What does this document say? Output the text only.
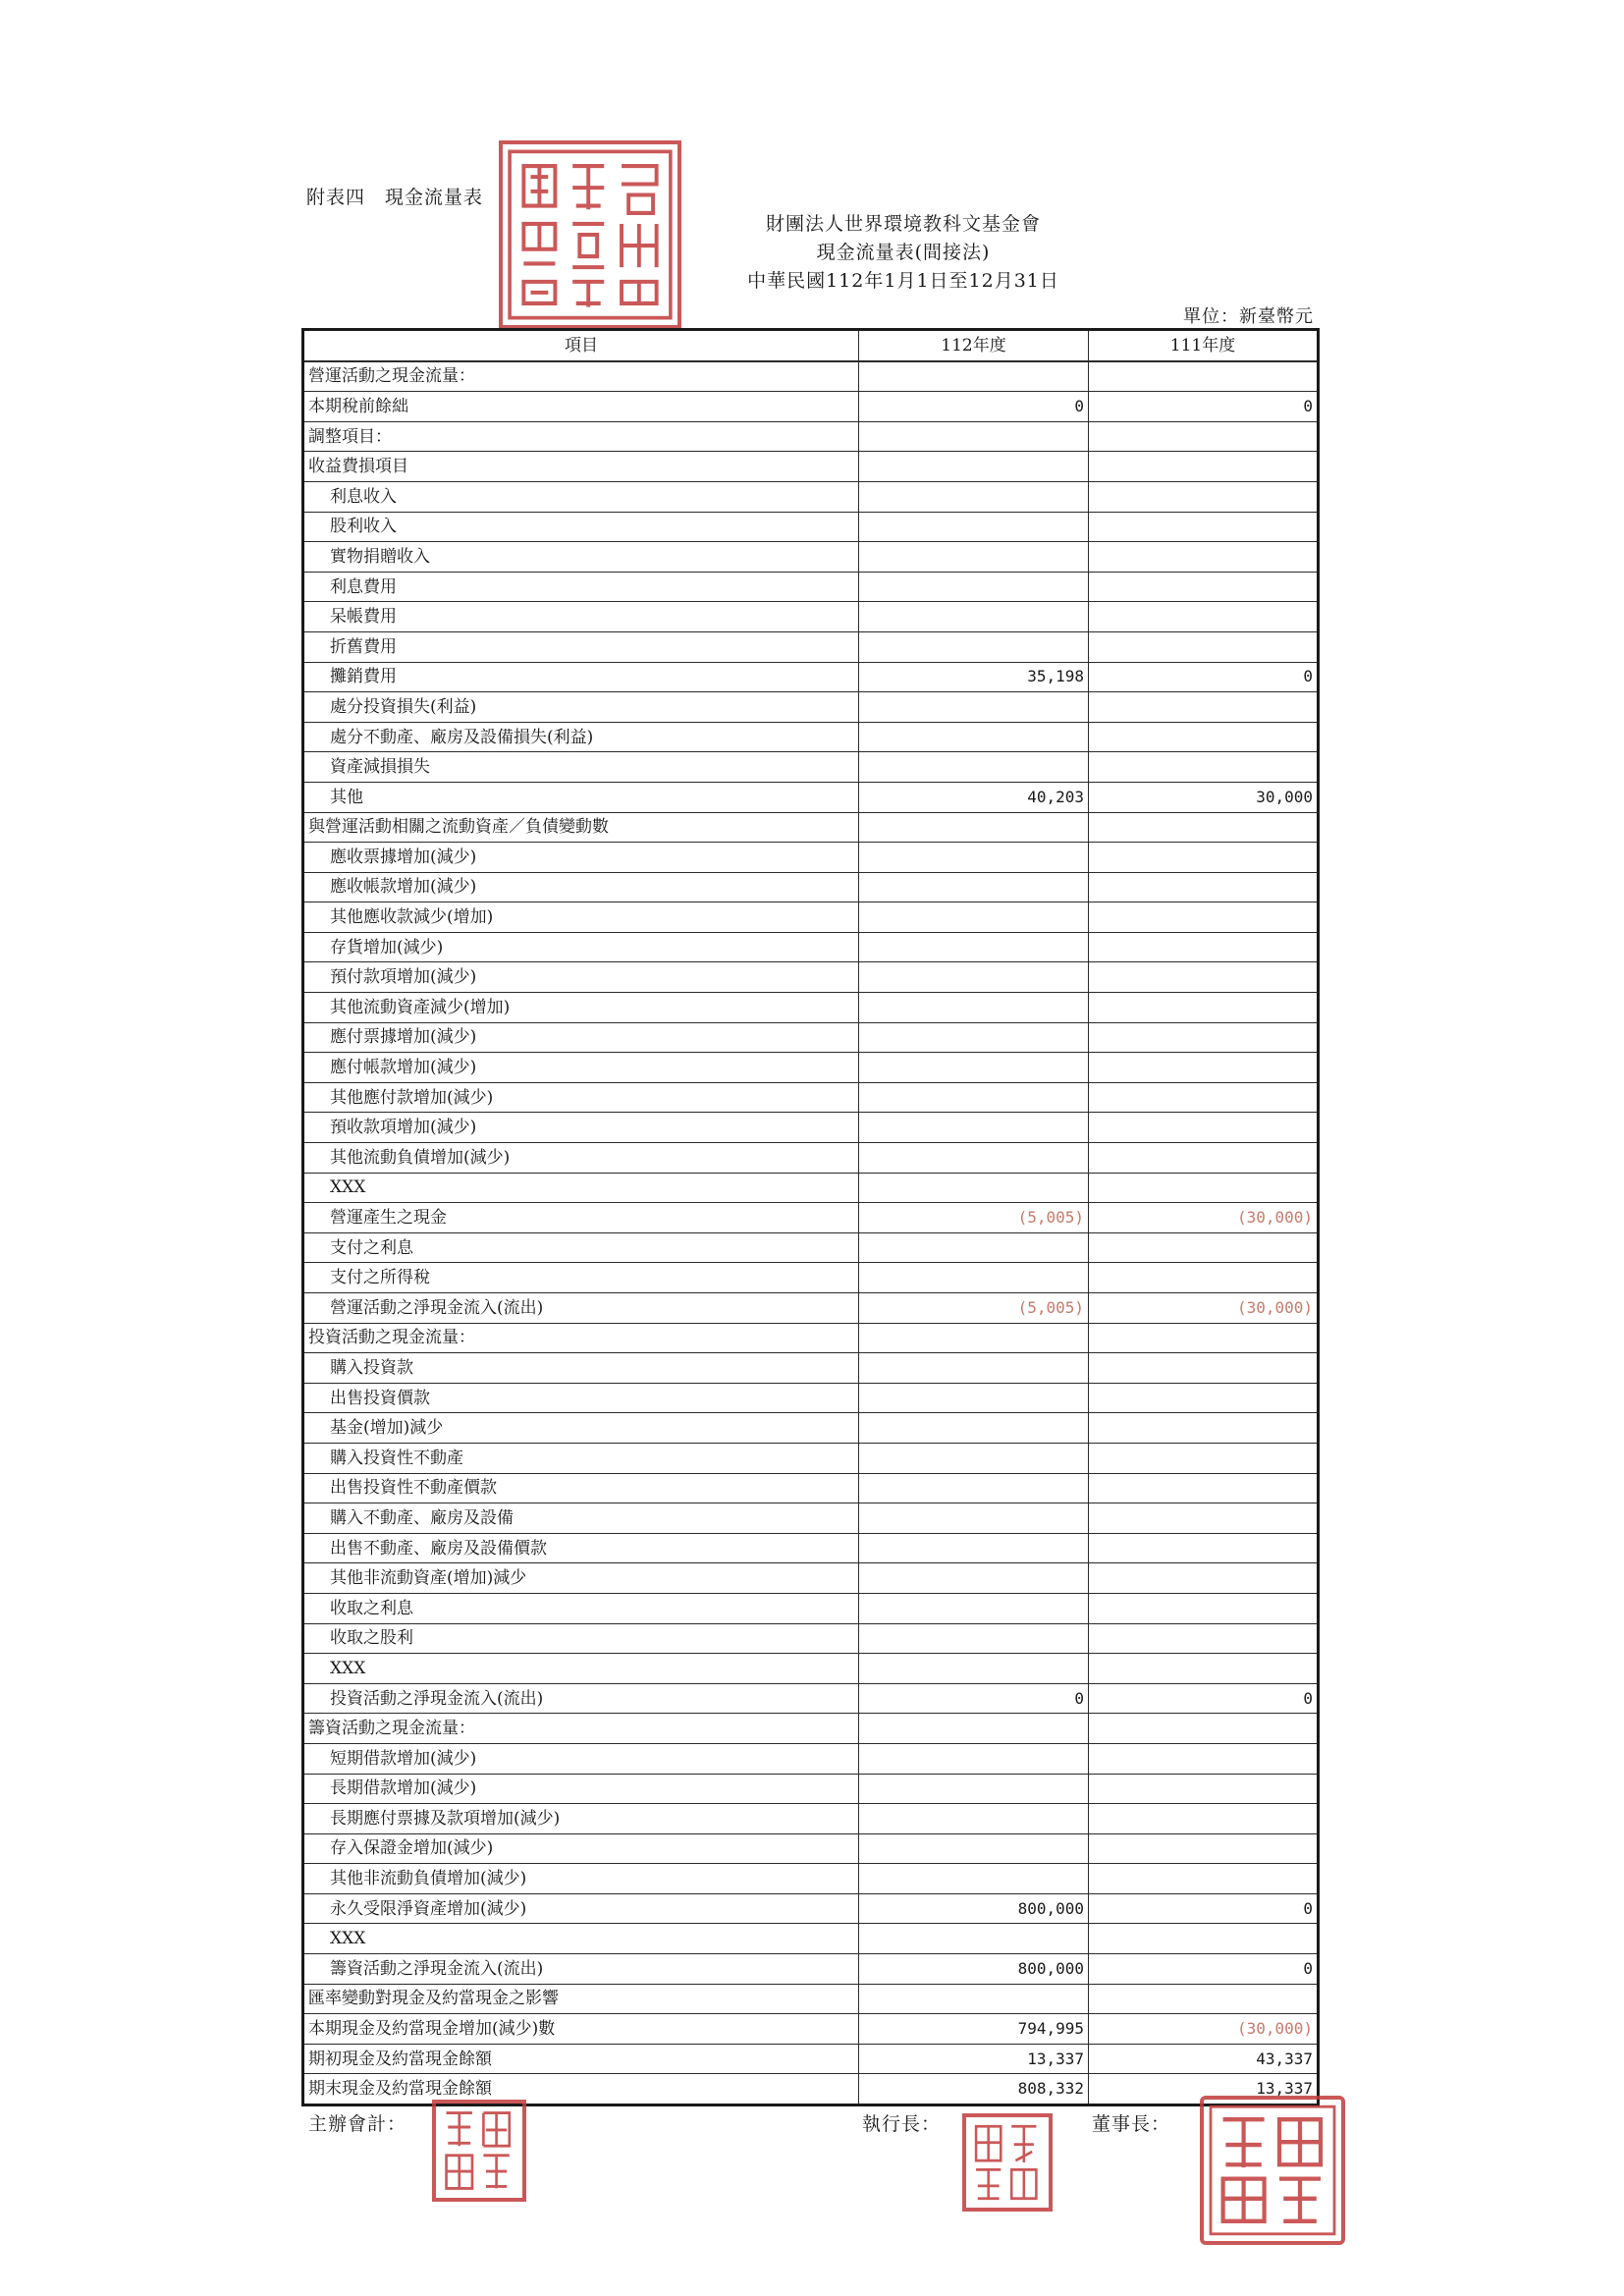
附表四　現金流量表
財團法人世界環境教科文基金會
現金流量表(間接法)
中華民國112年1月1日至12月31日
單位：新臺幣元
項目	112年度	111年度
營運活動之現金流量：		
本期稅前餘絀	0	0
調整項目：		
收益費損項目		
利息收入		
股利收入		
實物捐贈收入		
利息費用		
呆帳費用		
折舊費用		
攤銷費用	35,198	0
處分投資損失(利益)		
處分不動產、廠房及設備損失(利益)		
資產減損損失		
其他	40,203	30,000
與營運活動相關之流動資產／負債變動數		
應收票據增加(減少)		
應收帳款增加(減少)		
其他應收款減少(增加)		
存貨增加(減少)		
預付款項增加(減少)		
其他流動資產減少(增加)		
應付票據增加(減少)		
應付帳款增加(減少)		
其他應付款增加(減少)		
預收款項增加(減少)		
其他流動負債增加(減少)		
XXX		
營運產生之現金	(5,005)	(30,000)
支付之利息		
支付之所得稅		
營運活動之淨現金流入(流出)	(5,005)	(30,000)
投資活動之現金流量：		
購入投資款		
出售投資價款		
基金(增加)減少		
購入投資性不動產		
出售投資性不動產價款		
購入不動產、廠房及設備		
出售不動產、廠房及設備價款		
其他非流動資產(增加)減少		
收取之利息		
收取之股利		
XXX		
投資活動之淨現金流入(流出)	0	0
籌資活動之現金流量：		
短期借款增加(減少)		
長期借款增加(減少)		
長期應付票據及款項增加(減少)		
存入保證金增加(減少)		
其他非流動負債增加(減少)		
永久受限淨資產增加(減少)	800,000	0
XXX		
籌資活動之淨現金流入(流出)	800,000	0
匯率變動對現金及約當現金之影響		
本期現金及約當現金增加(減少)數	794,995	(30,000)
期初現金及約當現金餘額	13,337	43,337
期末現金及約當現金餘額	808,332	13,337
主辦會計：	執行長：	董事長：
